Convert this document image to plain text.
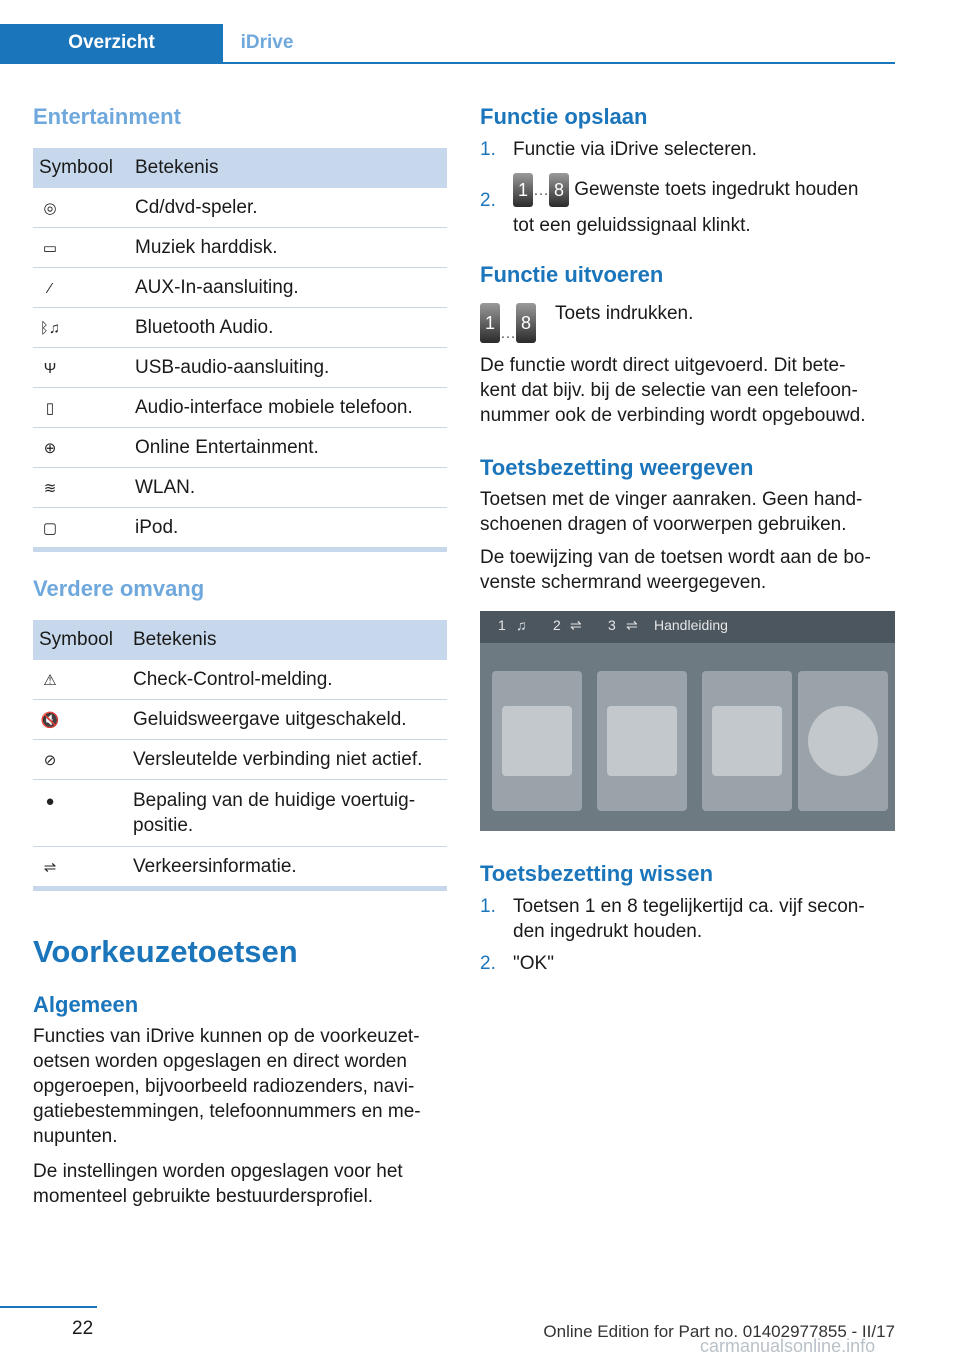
Overzicht	iDrive
Entertainment
Symbool	Betekenis
◎	Cd/dvd-speler.
▭	Muziek harddisk.
⁄	AUX-In-aansluiting.
ᛒ♫	Bluetooth Audio.
Ψ	USB-audio-aansluiting.
▯	Audio-interface mobiele telefoon.
⊕	Online Entertainment.
≋	WLAN.
▢	iPod.
Verdere omvang
Symbool	Betekenis
⚠	Check-Control-melding.
🔇	Geluidsweergave uitgeschakeld.
⊘	Versleutelde verbinding niet actief.
●	Bepaling van de huidige voertuig-
positie.
⇌	Verkeersinformatie.
Voorkeuzetoetsen
Algemeen
Functies van iDrive kunnen op de voorkeuzet-
oetsen worden opgeslagen en direct worden
opgeroepen, bijvoorbeeld radiozenders, navi-
gatiebestemmingen, telefoonnummers en me-
nupunten.
De instellingen worden opgeslagen voor het
momenteel gebruikte bestuurdersprofiel.
Functie opslaan
1. Functie via iDrive selecteren.
2. 1 … 8 Gewenste toets ingedrukt houden
tot een geluidssignaal klinkt.
Functie uitvoeren
1…8 Toets indrukken.
De functie wordt direct uitgevoerd. Dit bete-
kent dat bijv. bij de selectie van een telefoon-
nummer ook de verbinding wordt opgebouwd.
Toetsbezetting weergeven
Toetsen met de vinger aanraken. Geen hand-
schoenen dragen of voorwerpen gebruiken.
De toewijzing van de toetsen wordt aan de bo-
venste schermrand weergegeven.
1 ♫ 2 ⇌ 3 ⇌ Handleiding
Toetsbezetting wissen
1. Toetsen 1 en 8 tegelijkertijd ca. vijf secon-
den ingedrukt houden.
2. "OK"
22	Online Edition for Part no. 01402977855 - II/17
carmanualsonline.info
